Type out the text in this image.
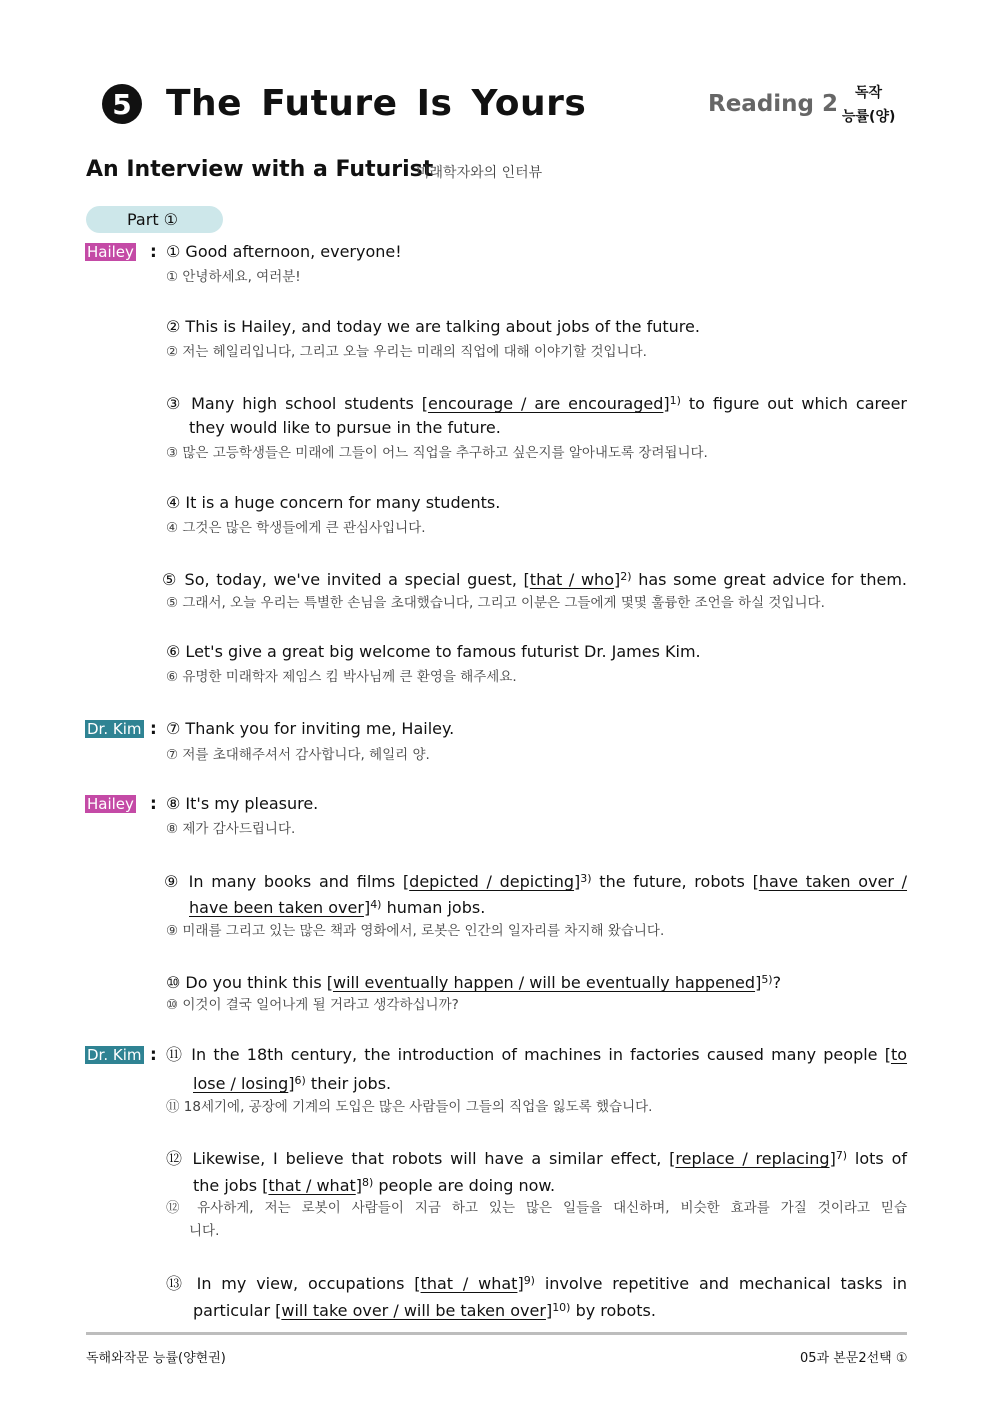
5 The Future Is Yours	Reading 2 독작
능률(양)
An Interview with a Futurist
미래학자와의 인터뷰
Part ①
Hailey : ① Good afternoon, everyone!
① 안녕하세요, 여러분!
② This is Hailey, and today we are talking about jobs of the future.
② 저는 헤일리입니다, 그리고 오늘 우리는 미래의 직업에 대해 이야기할 것입니다.
③ Many high school students [encourage / are encouraged]$^{1)}$ to figure out which career
they would like to pursue in the future.
③ 많은 고등학생들은 미래에 그들이 어느 직업을 추구하고 싶은지를 알아내도록 장려됩니다.
④ It is a huge concern for many students.
④ 그것은 많은 학생들에게 큰 관심사입니다.
⑤ So, today, we've invited a special guest, [that / who]$^{2)}$ has some great advice for them.
⑤ 그래서, 오늘 우리는 특별한 손님을 초대했습니다, 그리고 이분은 그들에게 몇몇 훌륭한 조언을 하실 것입니다.
⑥ Let's give a great big welcome to famous futurist Dr. James Kim.
⑥ 유명한 미래학자 제임스 킴 박사님께 큰 환영을 해주세요.
Dr. Kim : ⑦ Thank you for inviting me, Hailey.
⑦ 저를 초대해주셔서 감사합니다, 헤일리 양.
Hailey : ⑧ It's my pleasure.
⑧ 제가 감사드립니다.
⑨ In many books and films [depicted / depicting]$^{3)}$ the future, robots [have taken over /
have been taken over]$^{4)}$ human jobs.
⑨ 미래를 그리고 있는 많은 책과 영화에서, 로봇은 인간의 일자리를 차지해 왔습니다.
⑩ Do you think this [will eventually happen / will be eventually happened]$^{5)}$?
⑩ 이것이 결국 일어나게 될 거라고 생각하십니까?
Dr. Kim : ⑪ In the 18th century, the introduction of machines in factories caused many people [to
lose / losing]$^{6)}$ their jobs.
⑪ 18세기에, 공장에 기계의 도입은 많은 사람들이 그들의 직업을 잃도록 했습니다.
⑫ Likewise, I believe that robots will have a similar effect, [replace / replacing]$^{7)}$ lots of
the jobs [that / what]$^{8)}$ people are doing now.
⑫ 유사하게, 저는 로봇이 사람들이 지금 하고 있는 많은 일들을 대신하며, 비슷한 효과를 가질 것이라고 믿습
니다.
⑬ In my view, occupations [that / what]$^{9)}$ involve repetitive and mechanical tasks in
particular [will take over / will be taken over]$^{10)}$ by robots.
독해와작문 능률(양현권)	05과 본문2선택 ①
